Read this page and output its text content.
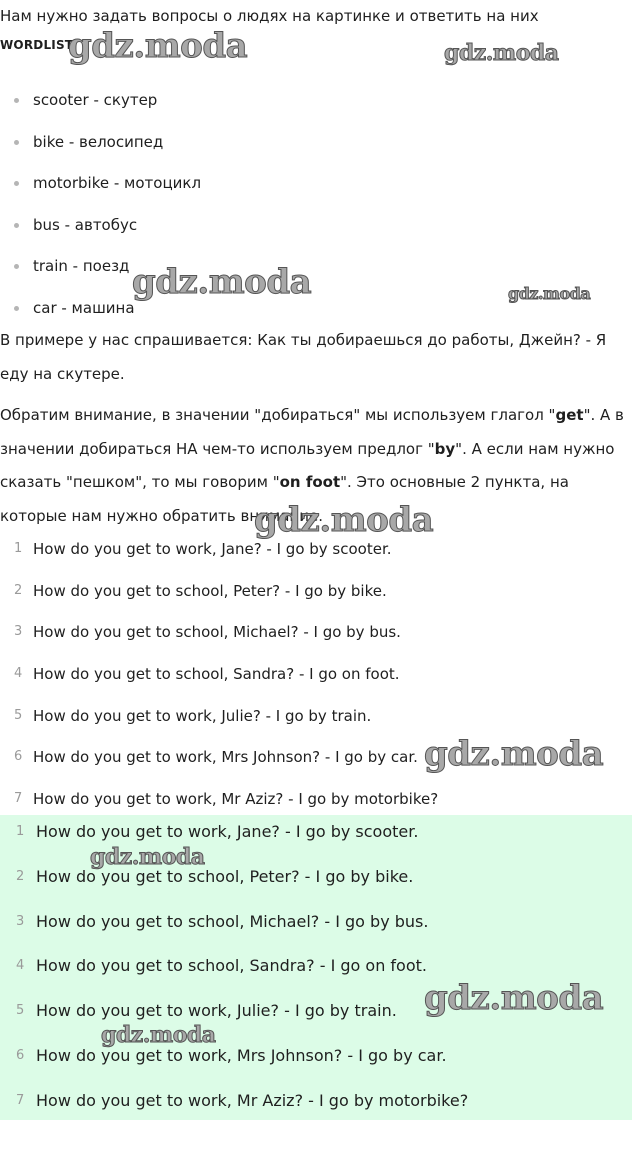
Нам нужно задать вопросы о людях на картинке и ответить на них

WORDLIST

scooter - скутер
bike - велосипед
motorbike - мотоцикл
bus - автобус
train - поезд
car - машина

В примере у нас спрашивается: Как ты добираешься до работы, Джейн? - Я еду на скутере.

Обратим внимание, в значении "добираться" мы используем глагол "get". А в значении добираться НА чем-то используем предлог "by". А если нам нужно сказать "пешком", то мы говорим "on foot". Это основные 2 пункта, на которые нам нужно обратить внимание.

1 How do you get to work, Jane? - I go by scooter.
2 How do you get to school, Peter? - I go by bike.
3 How do you get to school, Michael? - I go by bus.
4 How do you get to school, Sandra? - I go on foot.
5 How do you get to work, Julie? - I go by train.
6 How do you get to work, Mrs Johnson? - I go by car.
7 How do you get to work, Mr Aziz? - I go by motorbike?
1 How do you get to work, Jane? - I go by scooter.
2 How do you get to school, Peter? - I go by bike.
3 How do you get to school, Michael? - I go by bus.
4 How do you get to school, Sandra? - I go on foot.
5 How do you get to work, Julie? - I go by train.
6 How do you get to work, Mrs Johnson? - I go by car.
7 How do you get to work, Mr Aziz? - I go by motorbike?
gdz.moda	gdz.moda
gdz.moda	gdz.moda
gdz.moda
gdz.moda
gdz.moda
gdz.moda
gdz.moda
